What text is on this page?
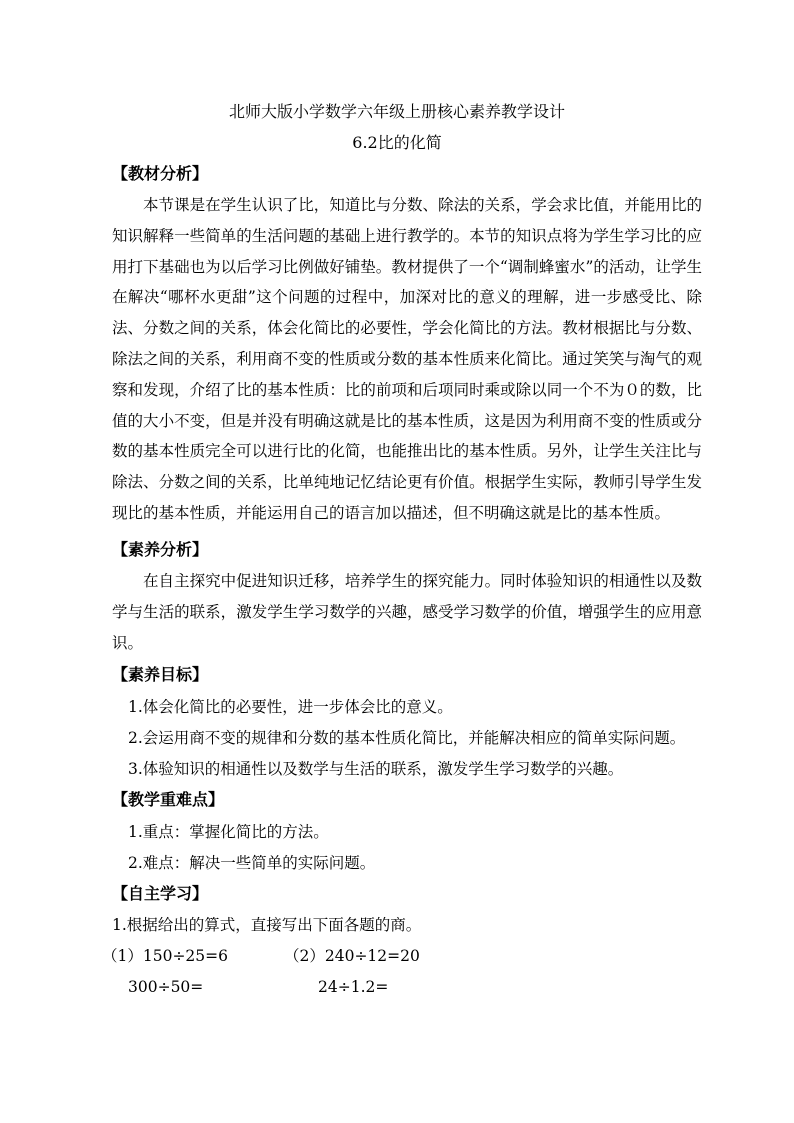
北师大版小学数学六年级上册核心素养教学设计
6.2比的化简
【教材分析】

本节课是在学生认识了比，知道比与分数、除法的关系，学会求比值，并能用比的知识解释一些简单的生活问题的基础上进行教学的。本节的知识点将为学生学习比的应用打下基础也为以后学习比例做好铺垫。教材提供了一个“调制蜂蜜水”的活动，让学生在解决“哪杯水更甜”这个问题的过程中，加深对比的意义的理解，进一步感受比、除法、分数之间的关系，体会化简比的必要性，学会化简比的方法。教材根据比与分数、除法之间的关系，利用商不变的性质或分数的基本性质来化简比。通过笑笑与淘气的观察和发现，介绍了比的基本性质：比的前项和后项同时乘或除以同一个不为０的数，比值的大小不变，但是并没有明确这就是比的基本性质，这是因为利用商不变的性质或分数的基本性质完全可以进行比的化简，也能推出比的基本性质。另外，让学生关注比与除法、分数之间的关系，比单纯地记忆结论更有价值。根据学生实际，教师引导学生发现比的基本性质，并能运用自己的语言加以描述，但不明确这就是比的基本性质。

【素养分析】

在自主探究中促进知识迁移，培养学生的探究能力。同时体验知识的相通性以及数学与生活的联系，激发学生学习数学的兴趣，感受学习数学的价值，增强学生的应用意识。

【素养目标】
1.体会化简比的必要性，进一步体会比的意义。
2.会运用商不变的规律和分数的基本性质化简比，并能解决相应的简单实际问题。
3.体验知识的相通性以及数学与生活的联系，激发学生学习数学的兴趣。
【教学重难点】
1.重点：掌握化简比的方法。
2.难点：解决一些简单的实际问题。
【自主学习】
1.根据给出的算式，直接写出下面各题的商。
（1）150÷25=6	（2）240÷12=20
300÷50=	24÷1.2=
